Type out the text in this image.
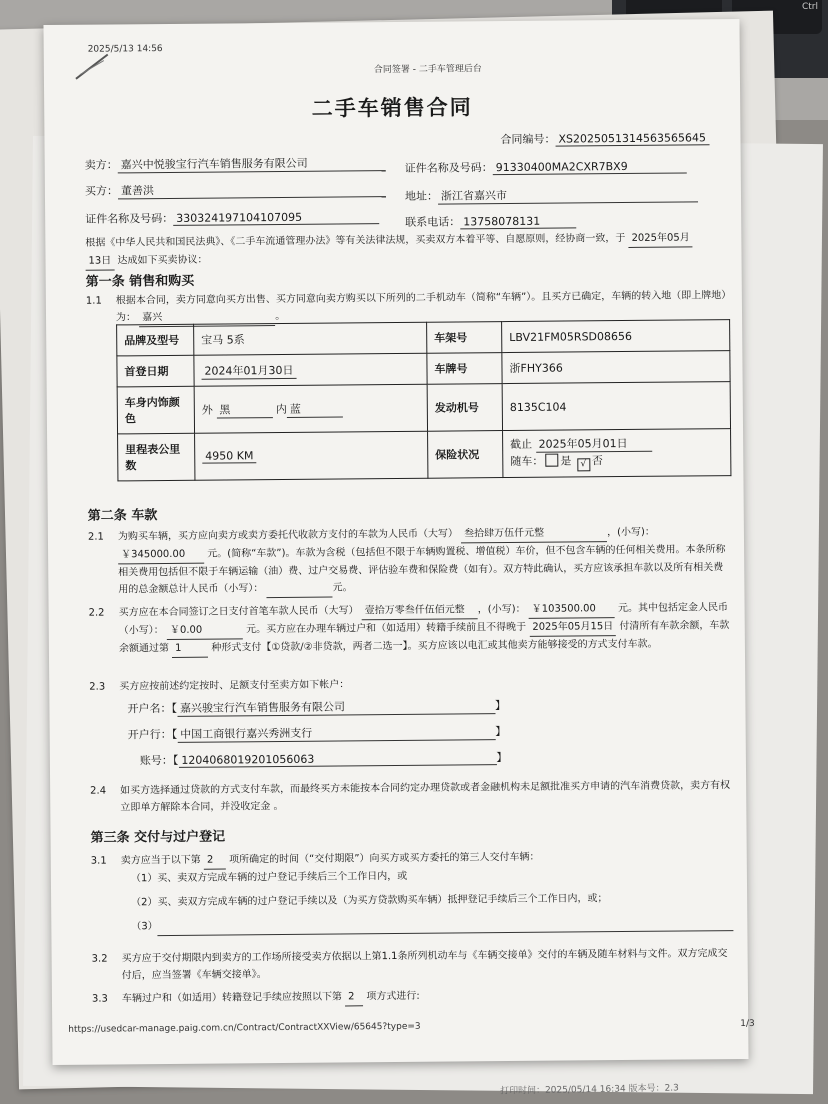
Ctrl
打印时间：2025/05/14 16:34 版本号：2.3
2025/5/13 14:56
合同签署 - 二手车管理后台
二手车销售合同
合同编号： XS2025051314563565645
卖方： 嘉兴中悦骏宝行汽车销售服务有限公司	证件名称及号码： 91330400MA2CXR7BX9
买方： 董善洪	地址： 浙江省嘉兴市
证件名称及号码： 330324197104107095	联系电话： 13758078131
根据《中华人民共和国民法典》、《二手车流通管理办法》等有关法律法规，买卖双方本着平等、自愿原则，经协商一致，于 2025年05月
13日 达成如下买卖协议：
第一条 销售和购买
1.1 根据本合同，卖方同意向买方出售、买方同意向卖方购买以下所列的二手机动车（简称“车辆”）。且买方已确定，车辆的转入地（即上牌地）为： 嘉兴	。
品牌及型号	宝马 5系	车架号	LBV21FM05RSD08656
首登日期	2024年01月30日	车牌号	浙FHY366
车身内饰颜色	外 黑 内 蓝	发动机号	8135C104
里程表公里数	4950 KM	保险状况	截止 2025年05月01日
随车： 是 √ 否
第二条 车款
2.1 为购买车辆，买方应向卖方或卖方委托代收款方支付的车款为人民币（大写） 叁拾肆万伍仟元整	，(小写)： ￥345000.00 元。(简称“车款”)。车款为含税（包括但不限于车辆购置税、增值税）车价，但不包含车辆的任何相关费用。本条所称相关费用包括但不限于车辆运输（油）费、过户交易费、评估验车费和保险费（如有）。双方特此确认，买方应该承担车款以及所有相关费用的总金额总计人民币（小写）：	元。
2.2 买方应在本合同签订之日支付首笔车款人民币（大写） 壹拾万零叁仟伍佰元整 ，(小写)： ￥103500.00 元。其中包括定金人民币（小写）： ￥0.00	元。买方应在办理车辆过户和（如适用）转籍手续前且不得晚于 2025年05月15日 付清所有车款余额，车款余额通过第 1	种形式支付【①贷款/②非贷款，两者二选一】。买方应该以电汇或其他卖方能够接受的方式支付车款。
2.3 买方应按前述约定按时、足额支付至卖方如下帐户：
开户名：【 嘉兴骏宝行汽车销售服务有限公司	】
开户行：【 中国工商银行嘉兴秀洲支行	】
账号：【 1204068019201056063	】
2.4 如买方选择通过贷款的方式支付车款，而最终买方未能按本合同约定办理贷款或者金融机构未足额批准买方申请的汽车消费贷款，卖方有权立即单方解除本合同，并没收定金 。
第三条 交付与过户登记
3.1 卖方应当于以下第 2 项所确定的时间（“交付期限”）向买方或买方委托的第三人交付车辆：
（1）买、卖双方完成车辆的过户登记手续后三个工作日内，或
（2）买、卖双方完成车辆的过户登记手续以及（为买方贷款购买车辆）抵押登记手续后三个工作日内，或；
（3）
3.2 买方应于交付期限内到卖方的工作场所接受卖方依据以上第1.1条所列机动车与《车辆交接单》交付的车辆及随车材料与文件。双方完成交付后，应当签署《车辆交接单》。
3.3 车辆过户和（如适用）转籍登记手续应按照以下第 2 项方式进行:
https://usedcar-manage.paig.com.cn/Contract/ContractXXView/65645?type=3	1/3
